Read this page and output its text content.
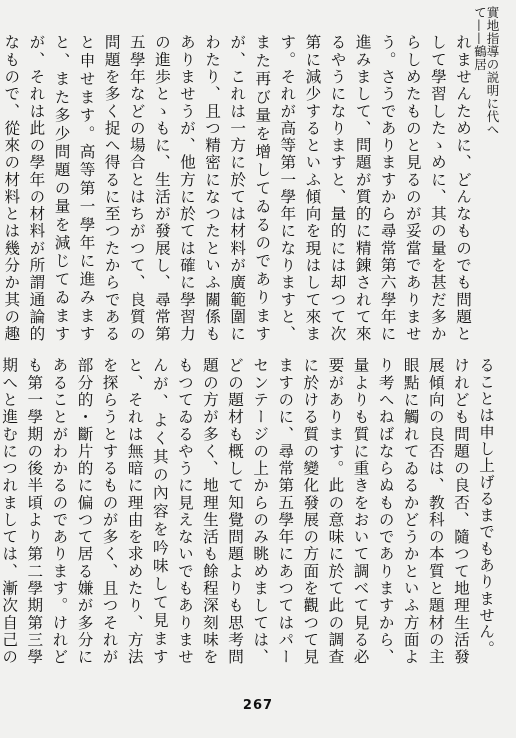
實地指導の説明に代へて——鶴居

れませんために、どんなものでも問題として學習したゝめに、其の量を甚だ多からしめたものと見るのが妥當でありませう。さうでありますから尋常第六學年に進みまして、問題が質的に精錬されて來るやうになりますと、量的には却つて次第に減少するといふ傾向を現はして來ます。それが高等第一學年になりますと、また再び量を增してゐるのでありますが、これは一方に於ては材料が廣範圍にわたり、且つ精密になつたといふ關係もありませうが、他方に於ては確に學習力の進歩とゝもに、生活が發展し、尋常第五學年などの場合とはちがつて、良質の問題を多く捉へ得るに至つたからであると申せます。高等第一學年に進みますと、また多少問題の量を減じてゐますが、それは此の學年の材料が所謂通論的なもので、從來の材料とは幾分か其の趣

ることは申し上げるまでもありません。

けれども問題の良否、隨つて地理生活發展傾向の良否は、教科の本質と題材の主眼點に觸れてゐるかどうかといふ方面より考へねばならぬものでありますから、量よりも質に重きをおいて調べて見る必要があります。此の意味に於て此の調查に於ける質の變化發展の方面を觀つて見ますのに、尋常第五學年にあつてはパーセンテージの上からのみ眺めましては、どの題材も概して知覺問題よりも思考問題の方が多く、地理生活も餘程深刻味をもつてゐるやうに見えないでもありませんが、よく其の內容を吟味して見ますと、それは無暗に理由を求めたり、方法を探らうとするものが多く、且つそれが部分的・斷片的に偏つて居る嫌が多分にあることがわかるのであります。けれども第一學期の後半頃より第二學期第三學期へと進むにつれましては、漸次自己の

267
